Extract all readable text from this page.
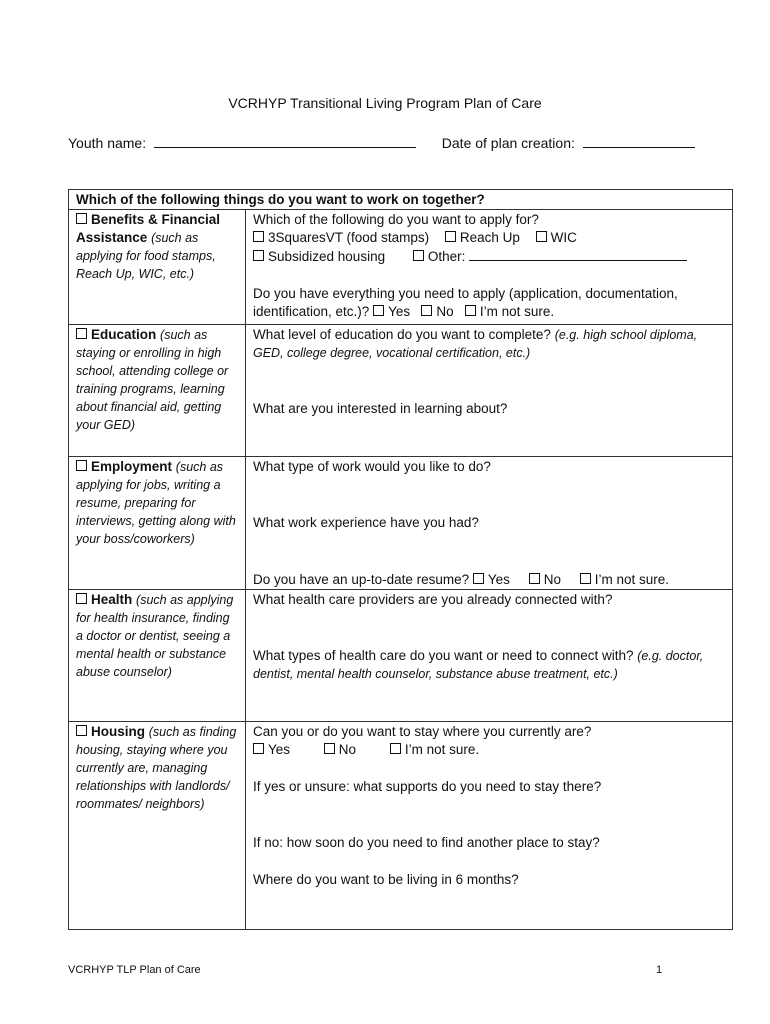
VCRHYP Transitional Living Program Plan of Care
Youth name:	Date of plan creation:
Which of the following things do you want to work on together?	
Benefits & Financial Assistance (such as applying for food stamps, Reach Up, WIC, etc.)	Which of the following do you want to apply for?

3SquaresVT (food stamps) Reach Up WIC

Subsidized housing Other:

Do you have everything you need to apply (application, documentation, identification, etc.)? Yes No I’m not sure.

Education (such as staying or enrolling in high school, attending college or training programs, learning about financial aid, getting your GED)	What level of education do you want to complete? (e.g. high school diploma, GED, college degree, vocational certification, etc.)

What are you interested in learning about?

Employment (such as applying for jobs, writing a resume, preparing for interviews, getting along with your boss/coworkers)	What type of work would you like to do?

What work experience have you had?

Do you have an up-to-date resume? Yes No I’m not sure.

Health (such as applying for health insurance, finding a doctor or dentist, seeing a mental health or substance abuse counselor)	What health care providers are you already connected with?

What types of health care do you want or need to connect with? (e.g. doctor, dentist, mental health counselor, substance abuse treatment, etc.)

Housing (such as finding housing, staying where you currently are, managing relationships with landlords/ roommates/ neighbors)	Can you or do you want to stay where you currently are?

Yes No I’m not sure.

If yes or unsure: what supports do you need to stay there?

If no: how soon do you need to find another place to stay?

Where do you want to be living in 6 months?

VCRHYP TLP Plan of Care	1
